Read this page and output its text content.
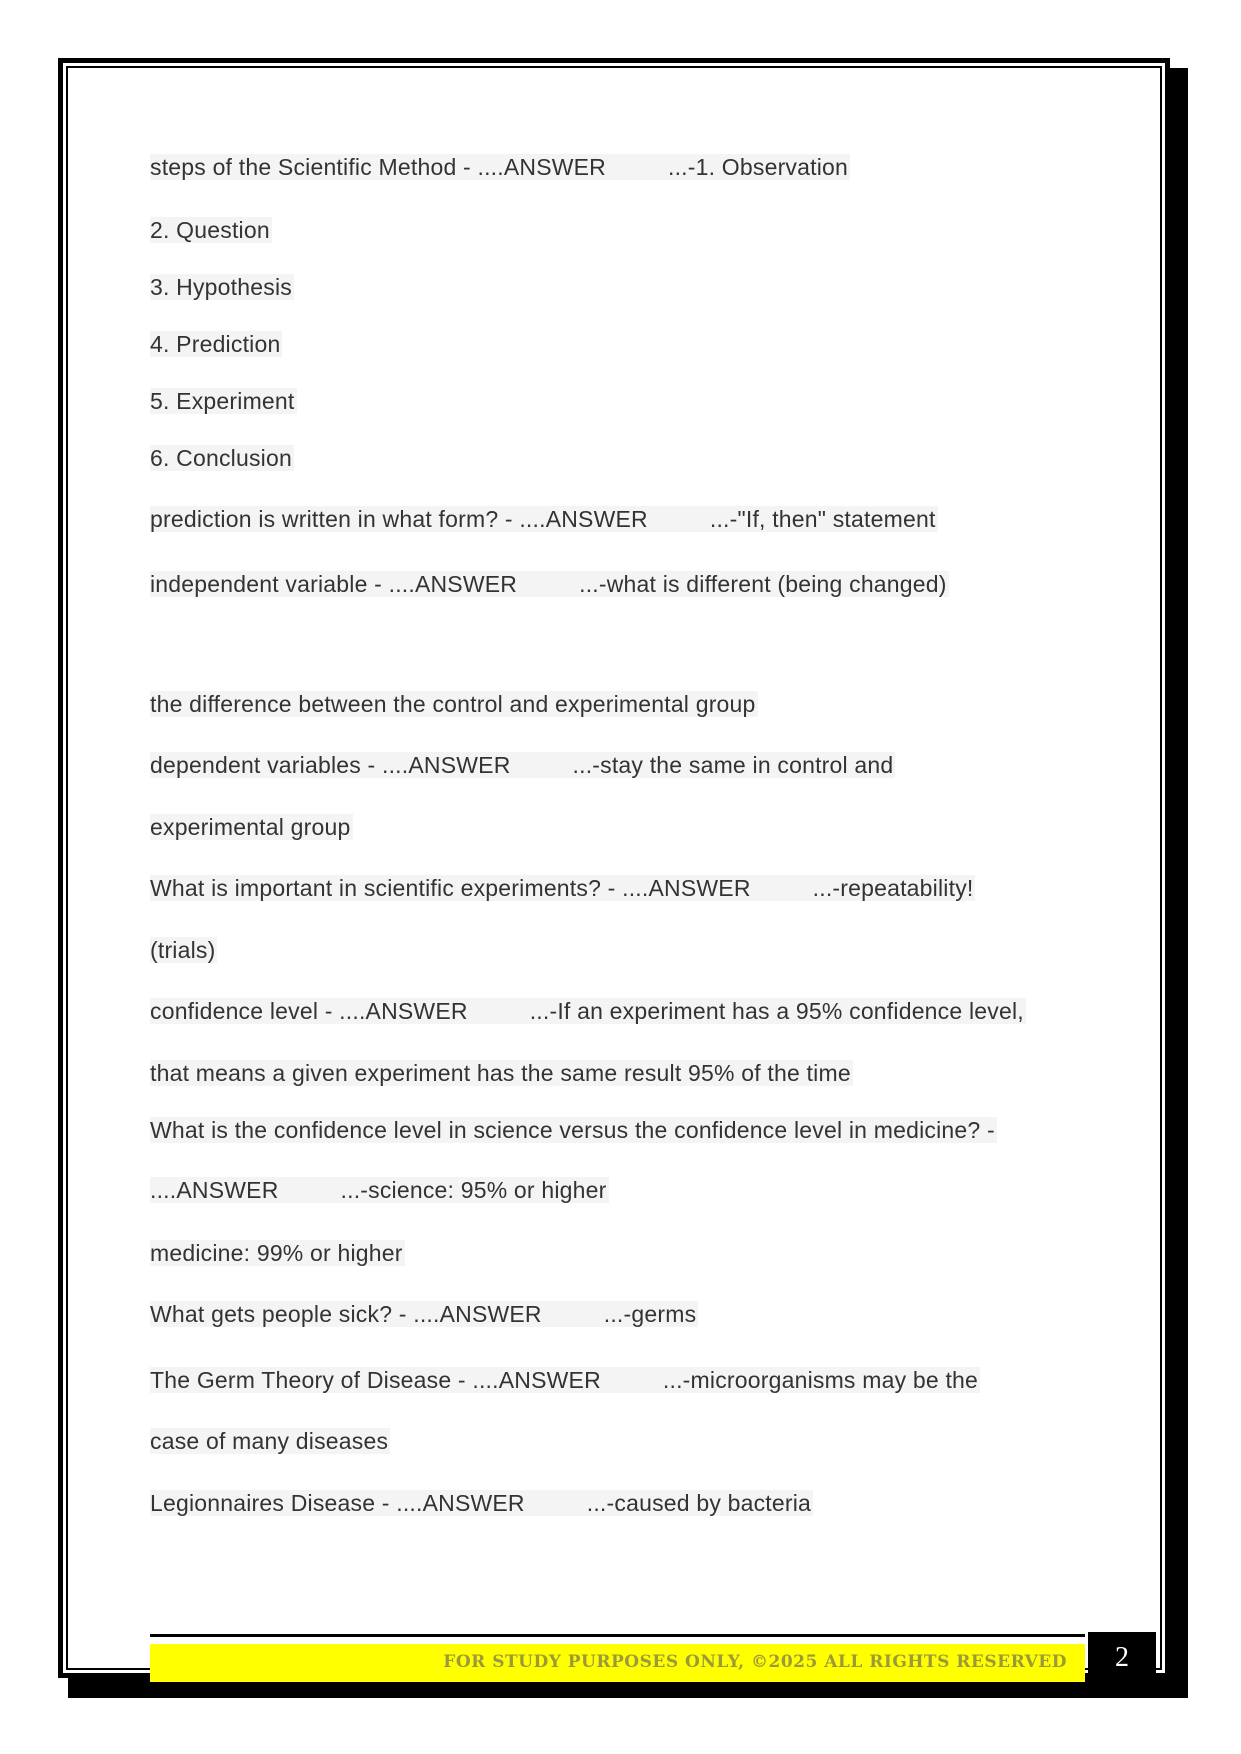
steps of the Scientific Method - ....ANSWER	...-1. Observation
2. Question
3. Hypothesis
4. Prediction
5. Experiment
6. Conclusion
prediction is written in what form? - ....ANSWER	...-"If, then" statement
independent variable - ....ANSWER	...-what is different (being changed)
the difference between the control and experimental group
dependent variables - ....ANSWER	...-stay the same in control and
experimental group
What is important in scientific experiments? - ....ANSWER	...-repeatability!
(trials)
confidence level - ....ANSWER	...-If an experiment has a 95% confidence level,
that means a given experiment has the same result 95% of the time
What is the confidence level in science versus the confidence level in medicine? -
....ANSWER	...-science: 95% or higher
medicine: 99% or higher
What gets people sick? - ....ANSWER	...-germs
The Germ Theory of Disease - ....ANSWER	...-microorganisms may be the
case of many diseases
Legionnaires Disease - ....ANSWER	...-caused by bacteria
FOR STUDY PURPOSES ONLY, ©2025 ALL RIGHTS RESERVED	2
